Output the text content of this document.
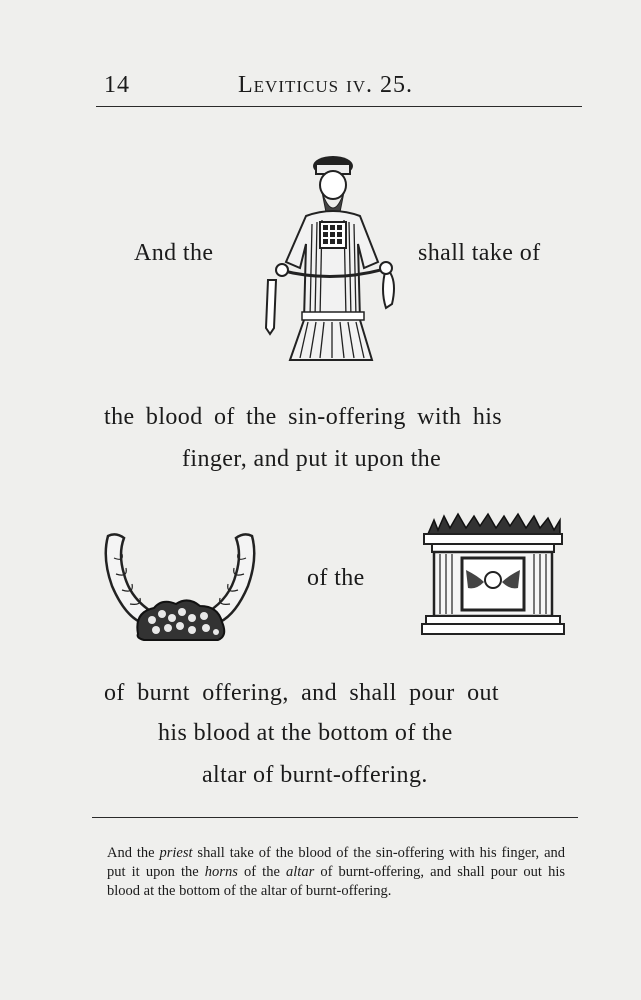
14	Leviticus iv. 25.
And the	shall take of
the blood of the sin-offering with his
finger, and put it upon the
of the
of burnt offering, and shall pour out
his blood at the bottom of the
altar of burnt-offering.

And the priest shall take of the blood of the sin-offering with his finger, and put it upon the horns of the altar of burnt-offering, and shall pour out his blood at the bottom of the altar of burnt-offering.
